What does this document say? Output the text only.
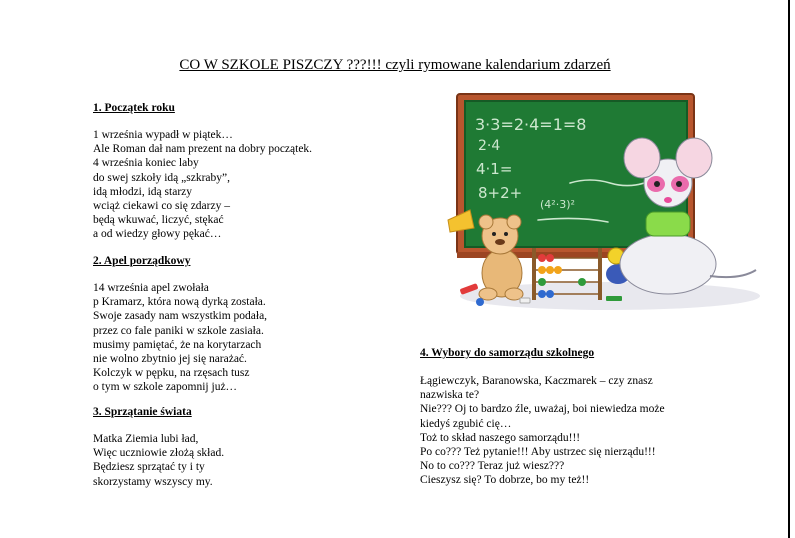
CO W SZKOLE PISZCZY ???!!! czyli rymowane kalendarium zdarzeń
1. Początek roku
1 września wypadł w piątek…
Ale Roman dał nam prezent na dobry początek.
4 września koniec laby
do swej szkoły idą „szkraby”,
idą młodzi, idą starzy
wciąż ciekawi co się zdarzy –
będą wkuwać, liczyć, stękać
a od wiedzy głowy pękać…
2. Apel porządkowy
14 września apel zwołała
p Kramarz, która nową dyrką została.
Swoje zasady nam wszystkim podała,
przez co fale paniki w szkole zasiała.
musimy pamiętać, że na korytarzach
nie wolno zbytnio jej się narażać.
Kolczyk w pępku, na rzęsach tusz
o tym w szkole zapomnij już…
3. Sprzątanie świata
Matka Ziemia lubi ład,
Więc uczniowie złożą skład.
Będziesz sprzątać ty i ty
skorzystamy wszyscy my.
4. Wybory do samorządu szkolnego
Łągiewczyk, Baranowska, Kaczmarek – czy znasz
nazwiska te?
Nie??? Oj to bardzo źle, uważaj, boi niewiedza może
kiedyś zgubić cię…
Toż to skład naszego samorządu!!!
Po co??? Też pytanie!!! Aby ustrzec się nierządu!!!
No to co??? Teraz już wiesz???
Cieszysz się? To dobrze, bo my też!!
3·3=2·4=1=8
2·4
4·1=
8+2+
(4²·3)²
